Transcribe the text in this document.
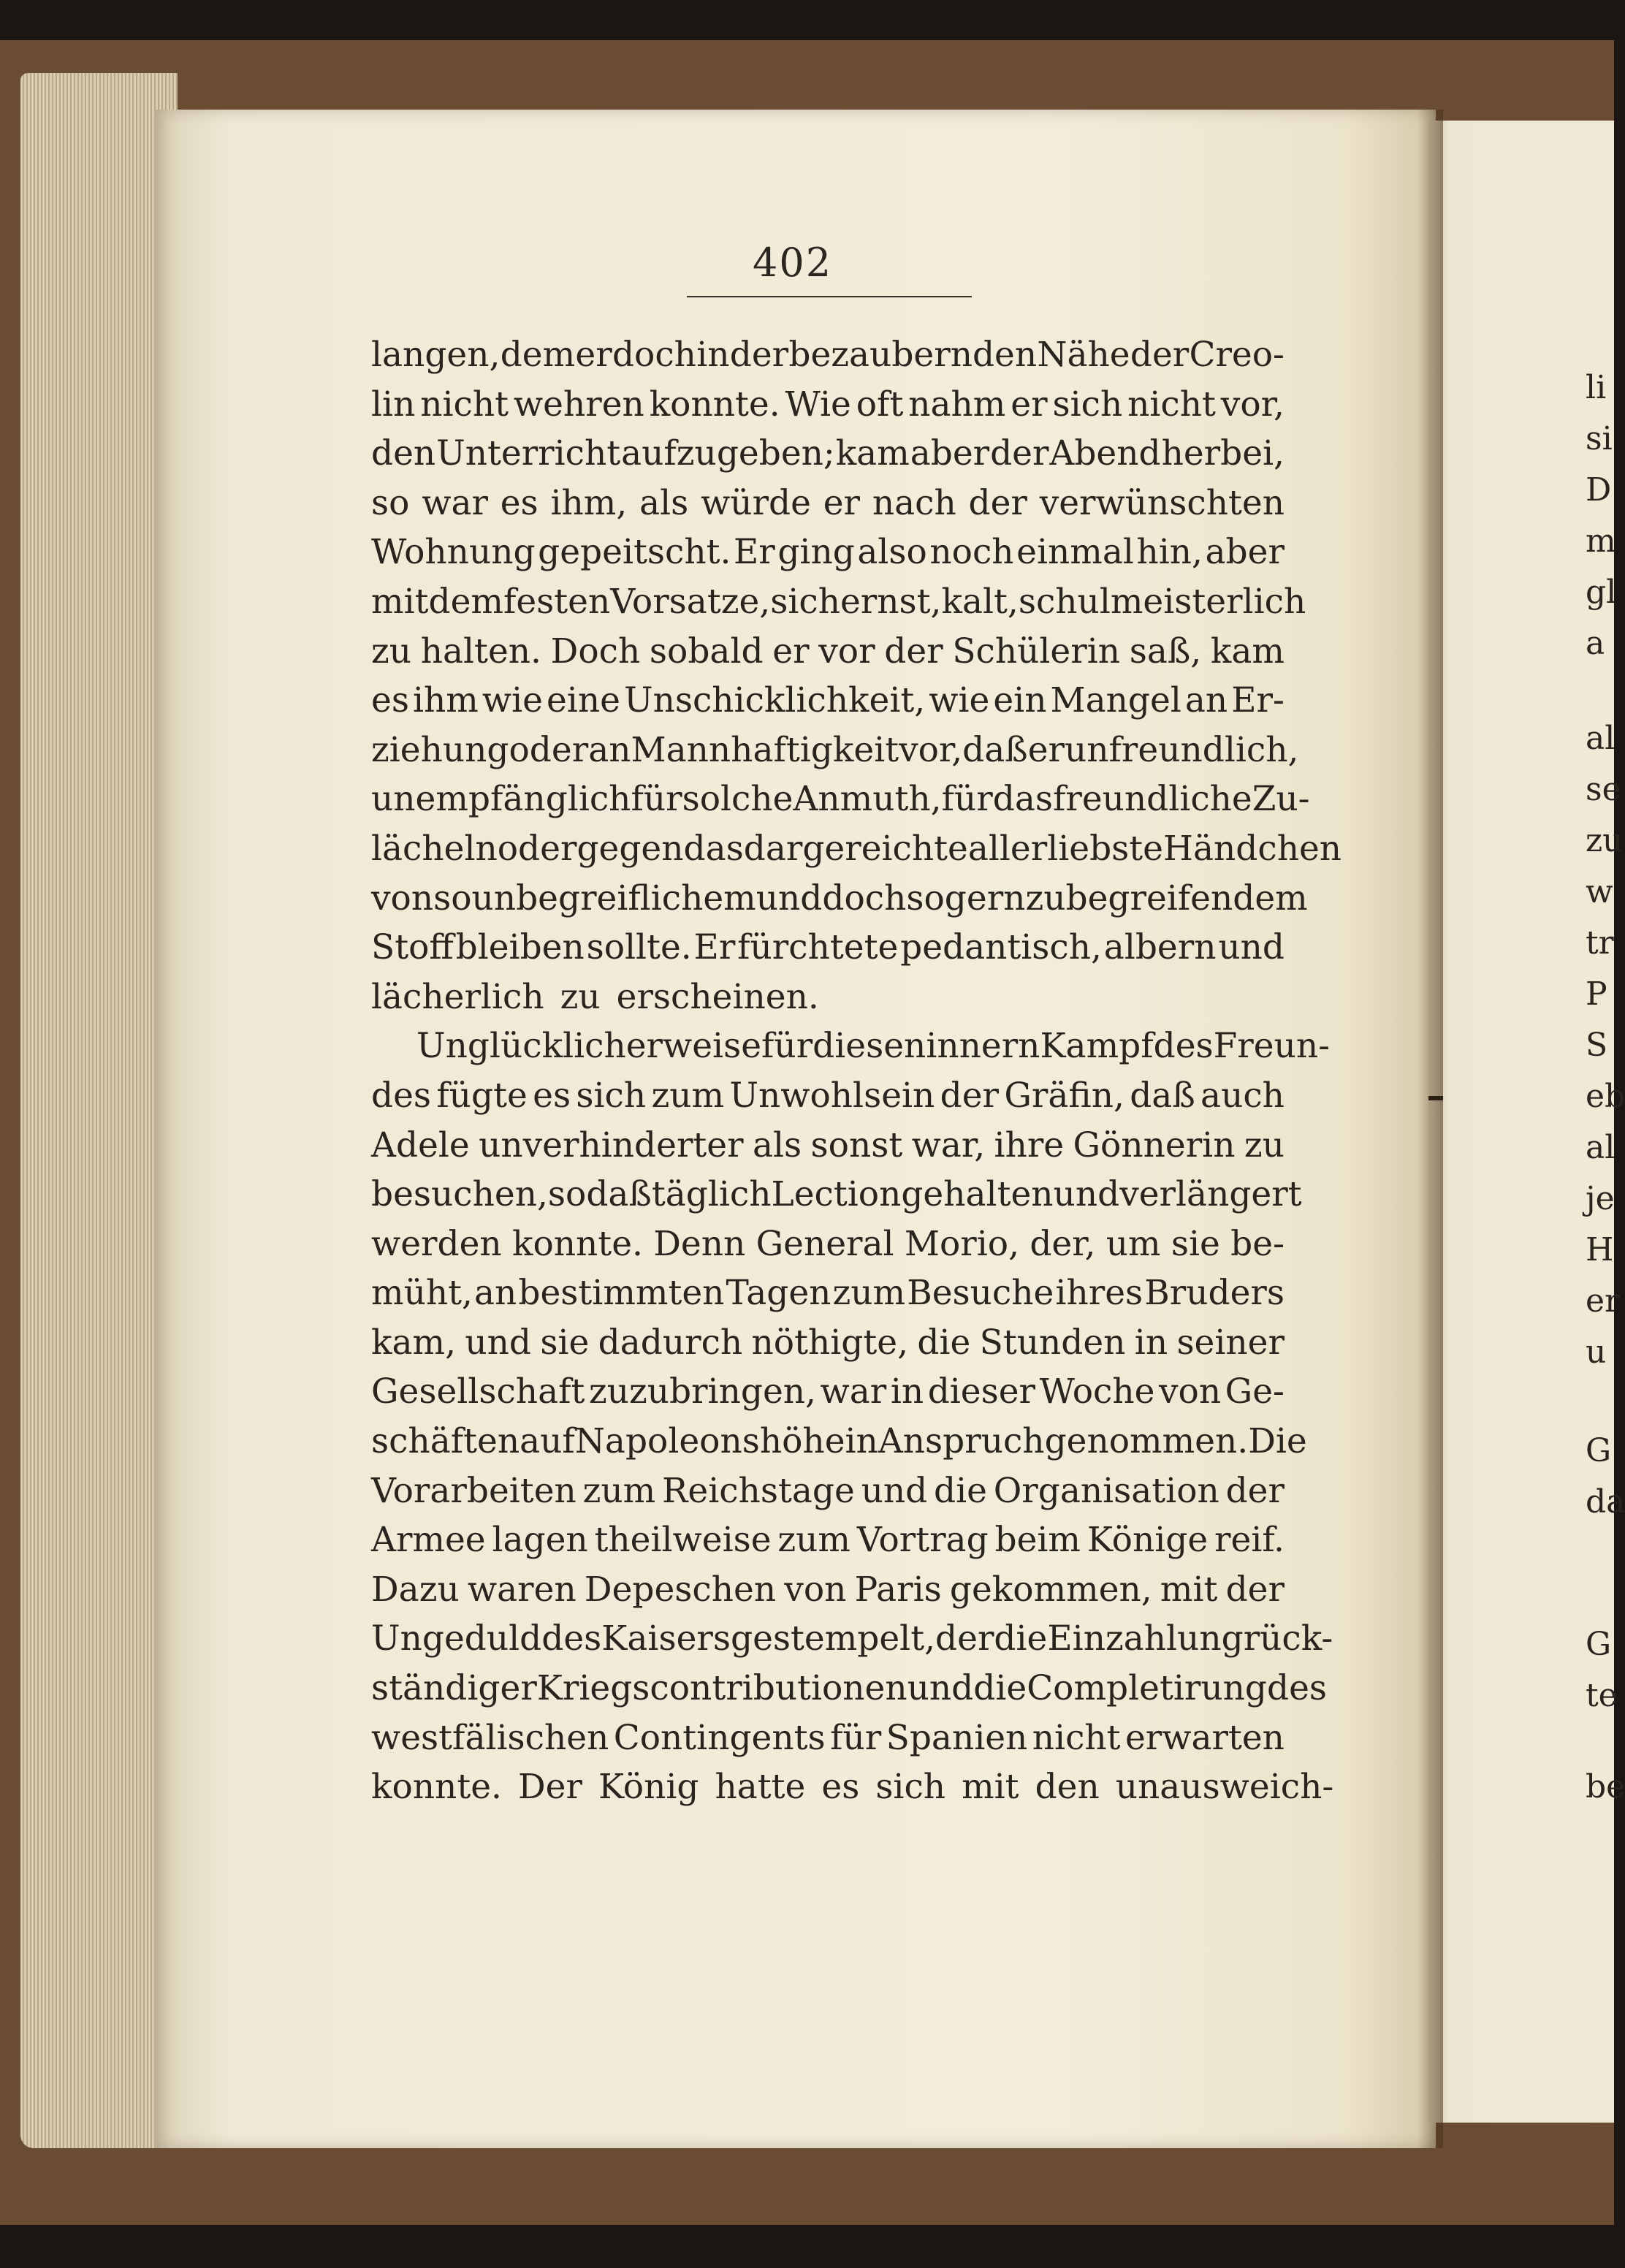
402
langen, dem er doch in der bezaubernden Nähe der Creo-
lin nicht wehren konnte. Wie oft nahm er sich nicht vor,
den Unterricht aufzugeben; kam aber der Abend herbei,
so war es ihm, als würde er nach der verwünschten
Wohnung gepeitscht. Er ging also noch einmal hin, aber
mit dem festen Vorsatze, sich ernst, kalt, schulmeisterlich
zu halten. Doch sobald er vor der Schülerin saß, kam
es ihm wie eine Unschicklichkeit, wie ein Mangel an Er-
ziehung oder an Mannhaftigkeit vor, daß er unfreundlich,
unempfänglich für solche Anmuth, für das freundliche Zu-
lächeln oder gegen das dargereichte allerliebste Händchen
von so unbegreiflichem und doch so gern zu begreifendem
Stoff bleiben sollte. Er fürchtete pedantisch, albern und
lächerlich zu erscheinen.
Unglücklicherweise für diesen innern Kampf des Freun-
des fügte es sich zum Unwohlsein der Gräfin, daß auch
Adele unverhinderter als sonst war, ihre Gönnerin zu
besuchen, sodaß täglich Lection gehalten und verlängert
werden konnte. Denn General Morio, der, um sie be-
müht, an bestimmten Tagen zum Besuche ihres Bruders
kam, und sie dadurch nöthigte, die Stunden in seiner
Gesellschaft zuzubringen, war in dieser Woche von Ge-
schäften auf Napoleonshöhe in Anspruch genommen. Die
Vorarbeiten zum Reichstage und die Organisation der
Armee lagen theilweise zum Vortrag beim Könige reif.
Dazu waren Depeschen von Paris gekommen, mit der
Ungeduld des Kaisers gestempelt, der die Einzahlung rück-
ständiger Kriegscontributionen und die Completirung des
westfälischen Contingents für Spanien nicht erwarten
konnte. Der König hatte es sich mit den unausweich-
li
si
D
m
gl
a
al
se
zu
w
tr
P
S
eb
al
je
H
er
u
G
da
G
te
be
